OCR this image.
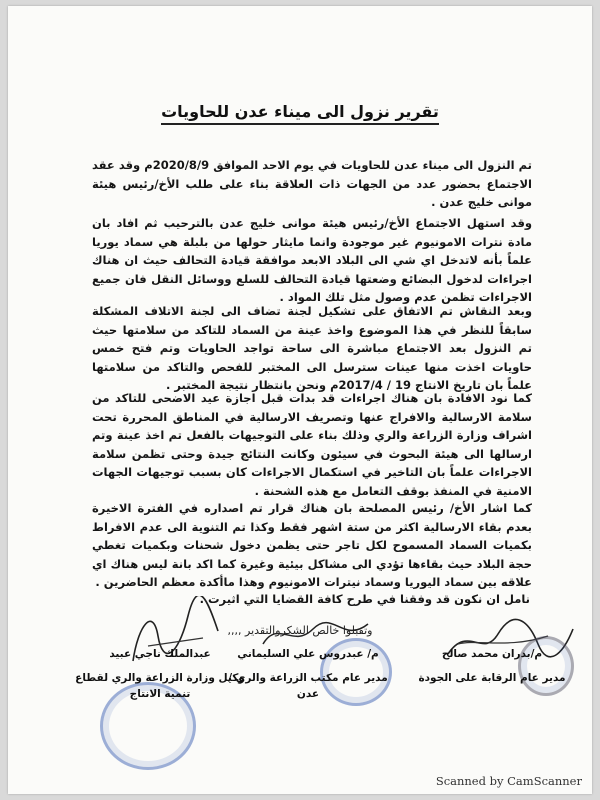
تقرير نزول الى ميناء عدن للحاويات
تم النزول الى ميناء عدن للحاويات في يوم الاحد الموافق 2020/8/9م وقد عقد الاجتماع بحضور عدد من الجهات ذات العلاقة بناء على طلب الأخ/رئيس هيئة موانى خليج عدن .
وقد استهل الاجتماع الأخ/رئيس هيئة موانى خليج عدن بالترحيب ثم افاد بان مادة نترات الامونيوم غير موجودة وانما مايثار حولها من بلبلة هي سماد يوريا علماً بأنه لاتدخل اي شي الى البلاد الابعد موافقة قيادة التحالف حيث ان هناك اجراءات لدخول البضائع وضعتها قيادة التحالف للسلع ووسائل النقل فان جميع الاجراءات تظمن عدم وصول مثل تلك المواد .
وبعد النقاش تم الاتفاق على تشكيل لجنة تضاف الى لجنة الاتلاف المشكلة سابقاً للنظر في هذا الموضوع واخذ عينة من السماد للتاكد من سلامتها حيث تم النزول بعد الاجتماع مباشرة الى ساحة تواجد الحاويات وتم فتح خمس حاويات اخذت منها عينات سترسل الى المختبر للفحص والتاكد من سلامتها علماً بان تاريخ الانتاج 19 / 2017/4م ونحن بانتظار نتيجة المختبر .
كما نود الافادة بان هناك اجراءات قد بدات قبل اجازة عيد الاضحى للتاكد من سلامة الارسالية والافراج عنها وتصريف الارسالية في المناطق المحررة تحت اشراف وزارة الزراعة والري وذلك بناء على التوجيهات بالفعل تم اخذ عينة وتم ارسالها الى هيئة البحوث في سيئون وكانت النتائج جيدة وحتى تظمن سلامة الاجراءات علماً بان التاخير في استكمال الاجراءات كان بسبب توجيهات الجهات الامنية في المنفذ بوقف التعامل مع هذه الشحنة .
كما اشار الأخ/ رئيس المصلحة بان هناك قرار تم اصداره في الفترة الاخيرة بعدم بقاء الارسالية اكثر من ستة اشهر فقط وكذا تم التنوية الى عدم الافراط بكميات السماد المسموح لكل تاجر حتى يظمن دخول شحنات وبكميات تغطي حجة البلاد حيث بقاءها تؤدي الى مشاكل بيئية وغيرة كما اكد بانة ليس هناك اي علاقه بين سماد اليوريا وسماد نيترات الامونيوم وهذا ماأكدة معظم الحاضرين .
نامل ان نكون قد وفقنا في طرح كافة القضايا التي اثيرت .
وتقبلوا خالص الشكروالتقدير ,,,,
م/بدران محمد صالح
مدير عام الرقابة على الجودة
م/ عبدروس علي السليماني
مدير عام مكتب الزراعة والري / عدن
عبدالملك ناجي عبيد
وكيل وزارة الزراعة والري لقطاع
تنمية الانتاج
Scanned by CamScanner
